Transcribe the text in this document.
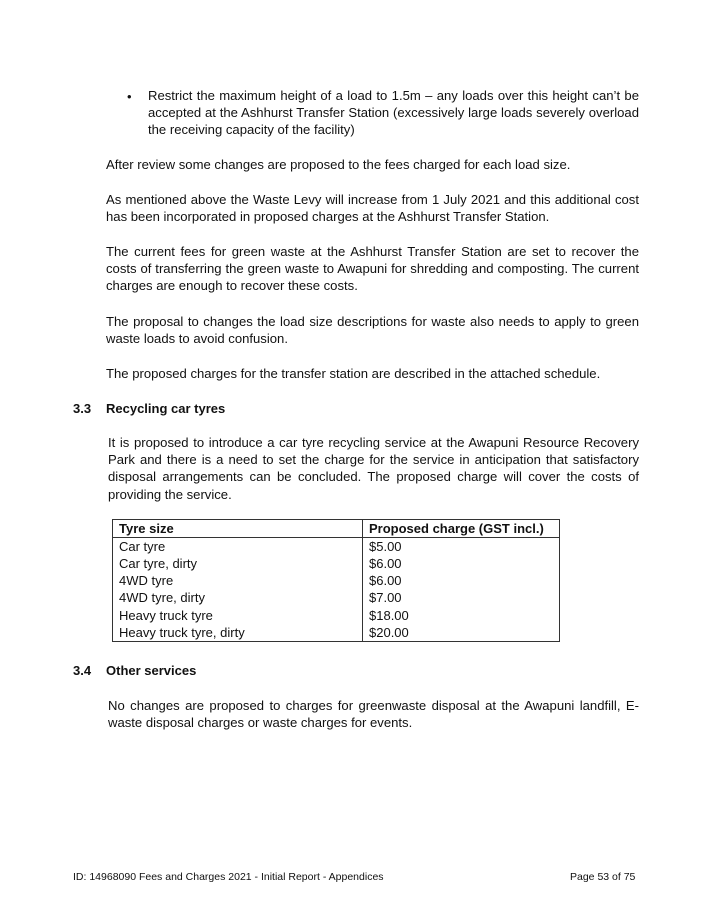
• Restrict the maximum height of a load to 1.5m – any loads over this height can’t be accepted at the Ashhurst Transfer Station (excessively large loads severely overload the receiving capacity of the facility)
After review some changes are proposed to the fees charged for each load size.
As mentioned above the Waste Levy will increase from 1 July 2021 and this additional cost has been incorporated in proposed charges at the Ashhurst Transfer Station.
The current fees for green waste at the Ashhurst Transfer Station are set to recover the costs of transferring the green waste to Awapuni for shredding and composting. The current charges are enough to recover these costs.
The proposal to changes the load size descriptions for waste also needs to apply to green waste loads to avoid confusion.
The proposed charges for the transfer station are described in the attached schedule.
3.3 Recycling car tyres
It is proposed to introduce a car tyre recycling service at the Awapuni Resource Recovery Park and there is a need to set the charge for the service in anticipation that satisfactory disposal arrangements can be concluded. The proposed charge will cover the costs of providing the service.
Tyre size	Proposed charge (GST incl.)
Car tyre	$5.00
Car tyre, dirty	$6.00
4WD tyre	$6.00
4WD tyre, dirty	$7.00
Heavy truck tyre	$18.00
Heavy truck tyre, dirty	$20.00
3.4 Other services
No changes are proposed to charges for greenwaste disposal at the Awapuni landfill, E-waste disposal charges or waste charges for events.
ID: 14968090 Fees and Charges 2021 - Initial Report - Appendices	Page 53 of 75
